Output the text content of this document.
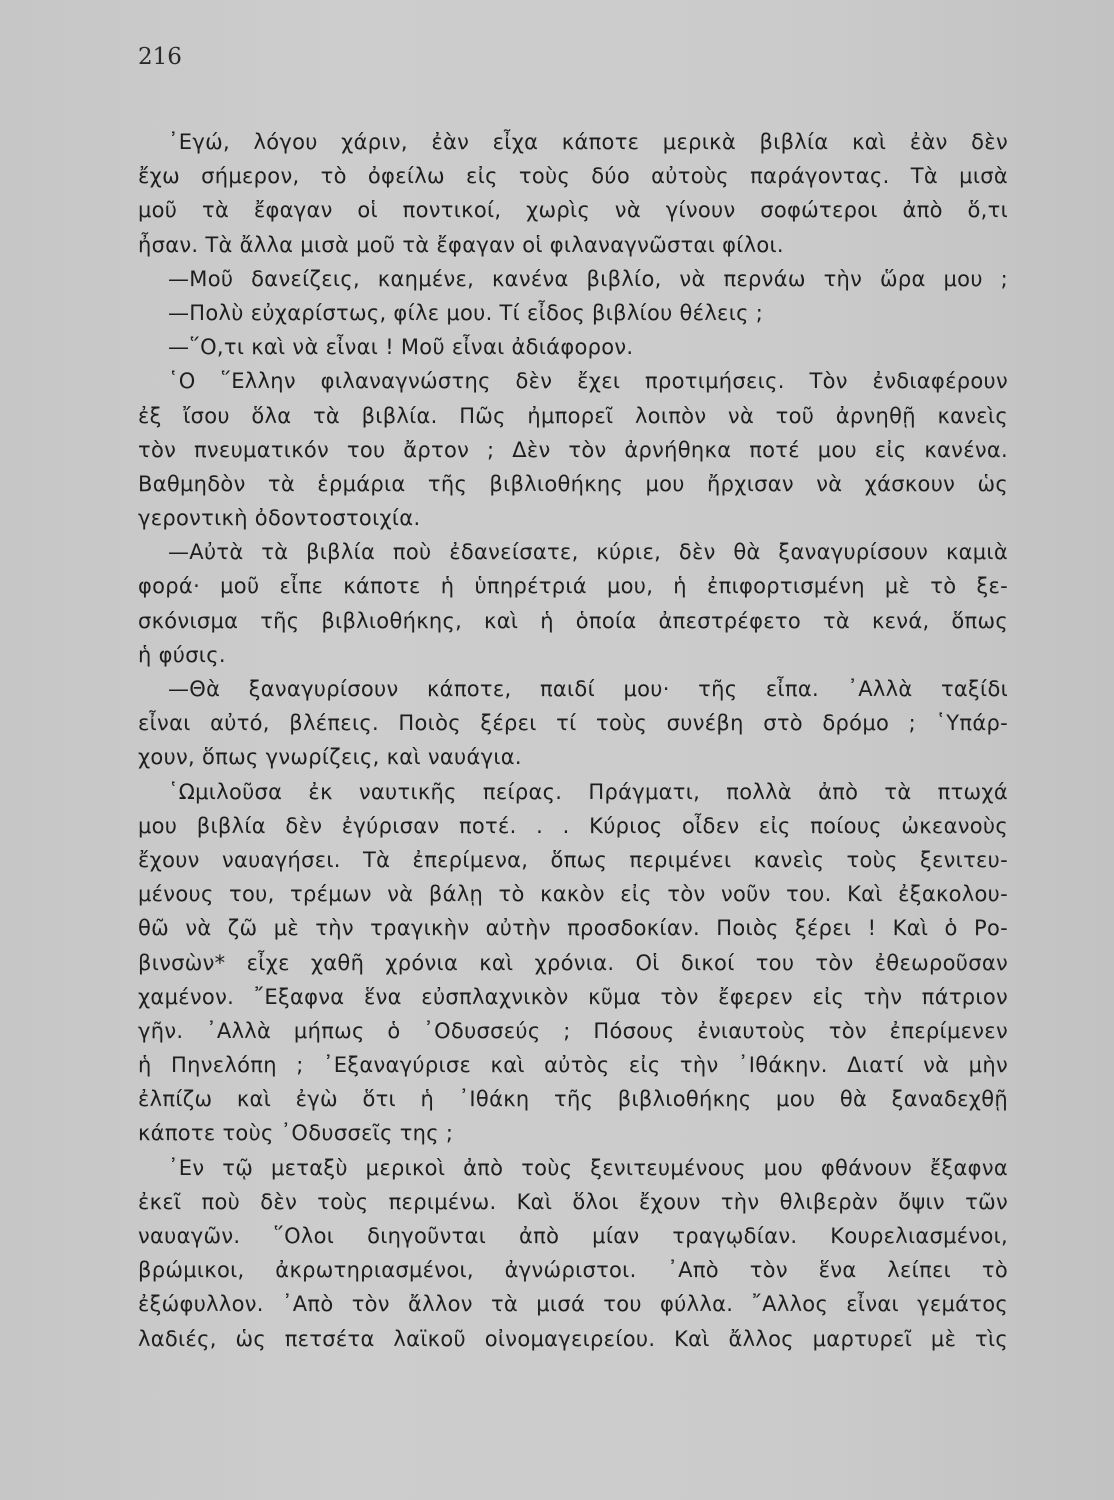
216
᾿Εγώ, λόγου χάριν, ἐὰν εἶχα κάποτε μερικὰ βιβλία καὶ ἐὰν δὲν
ἔχω σήμερον, τὸ ὀφείλω εἰς τοὺς δύο αὐτοὺς παράγοντας. Τὰ μισὰ
μοῦ τὰ ἔφαγαν οἱ ποντικοί, χωρὶς νὰ γίνουν σοφώτεροι ἀπὸ ὅ,τι
ἦσαν. Τὰ ἄλλα μισὰ μοῦ τὰ ἔφαγαν οἱ φιλαναγνῶσται φίλοι.
—Μοῦ δανείζεις, καημένε, κανένα βιβλίο, νὰ περνάω τὴν ὥρα μου ;
—Πολὺ εὐχαρίστως, φίλε μου. Τί εἶδος βιβλίου θέλεις ;
—῞Ο,τι καὶ νὰ εἶναι ! Μοῦ εἶναι ἀδιάφορον.
῾Ο ῞Ελλην φιλαναγνώστης δὲν ἔχει προτιμήσεις. Τὸν ἐνδιαφέρουν
ἐξ ἴσου ὅλα τὰ βιβλία. Πῶς ἠμπορεῖ λοιπὸν νὰ τοῦ ἀρνηθῇ κανεὶς
τὸν πνευματικόν του ἄρτον ; Δὲν τὸν ἀρνήθηκα ποτέ μου εἰς κανένα.
Βαθμηδὸν τὰ ἑρμάρια τῆς βιβλιοθήκης μου ἤρχισαν νὰ χάσκουν ὡς
γεροντικὴ ὀδοντοστοιχία.
—Αὐτὰ τὰ βιβλία ποὺ ἐδανείσατε, κύριε, δὲν θὰ ξαναγυρίσουν καμιὰ
φορά· μοῦ εἶπε κάποτε ἡ ὑπηρέτριά μου, ἡ ἐπιφορτισμένη μὲ τὸ ξε-
σκόνισμα τῆς βιβλιοθήκης, καὶ ἡ ὁποία ἀπεστρέφετο τὰ κενά, ὅπως
ἡ φύσις.
—Θὰ ξαναγυρίσουν κάποτε, παιδί μου· τῆς εἶπα. ᾿Αλλὰ ταξίδι
εἶναι αὐτό, βλέπεις. Ποιὸς ξέρει τί τοὺς συνέβη στὸ δρόμο ; ῾Υπάρ-
χουν, ὅπως γνωρίζεις, καὶ ναυάγια.
῾Ωμιλοῦσα ἐκ ναυτικῆς πείρας. Πράγματι, πολλὰ ἀπὸ τὰ πτωχά
μου βιβλία δὲν ἐγύρισαν ποτέ. . . Κύριος οἶδεν εἰς ποίους ὠκεανοὺς
ἔχουν ναυαγήσει. Τὰ ἐπερίμενα, ὅπως περιμένει κανεὶς τοὺς ξενιτευ-
μένους του, τρέμων νὰ βάλῃ τὸ κακὸν εἰς τὸν νοῦν του. Καὶ ἐξακολου-
θῶ νὰ ζῶ μὲ τὴν τραγικὴν αὐτὴν προσδοκίαν. Ποιὸς ξέρει ! Καὶ ὁ Ρο-
βινσὼν* εἶχε χαθῆ χρόνια καὶ χρόνια. Οἱ δικοί του τὸν ἐθεωροῦσαν
χαμένον. ῎Εξαφνα ἕνα εὐσπλαχνικὸν κῦμα τὸν ἔφερεν εἰς τὴν πάτριον
γῆν. ᾿Αλλὰ μήπως ὁ ᾿Οδυσσεύς ; Πόσους ἐνιαυτοὺς τὸν ἐπερίμενεν
ἡ Πηνελόπη ; ᾿Εξαναγύρισε καὶ αὐτὸς εἰς τὴν ᾿Ιθάκην. Διατί νὰ μὴν
ἐλπίζω καὶ ἐγὼ ὅτι ἡ ᾿Ιθάκη τῆς βιβλιοθήκης μου θὰ ξαναδεχθῇ
κάποτε τοὺς ᾿Οδυσσεῖς της ;
᾿Εν τῷ μεταξὺ μερικοὶ ἀπὸ τοὺς ξενιτευμένους μου φθάνουν ἔξαφνα
ἐκεῖ ποὺ δὲν τοὺς περιμένω. Καὶ ὅλοι ἔχουν τὴν θλιβερὰν ὄψιν τῶν
ναυαγῶν. ῞Ολοι διηγοῦνται ἀπὸ μίαν τραγῳδίαν. Κουρελιασμένοι,
βρώμικοι, ἀκρωτηριασμένοι, ἀγνώριστοι. ᾿Απὸ τὸν ἕνα λείπει τὸ
ἐξώφυλλον. ᾿Απὸ τὸν ἄλλον τὰ μισά του φύλλα. ῎Αλλος εἶναι γεμάτος
λαδιές, ὡς πετσέτα λαϊκοῦ οἰνομαγειρείου. Καὶ ἄλλος μαρτυρεῖ μὲ τὶς
